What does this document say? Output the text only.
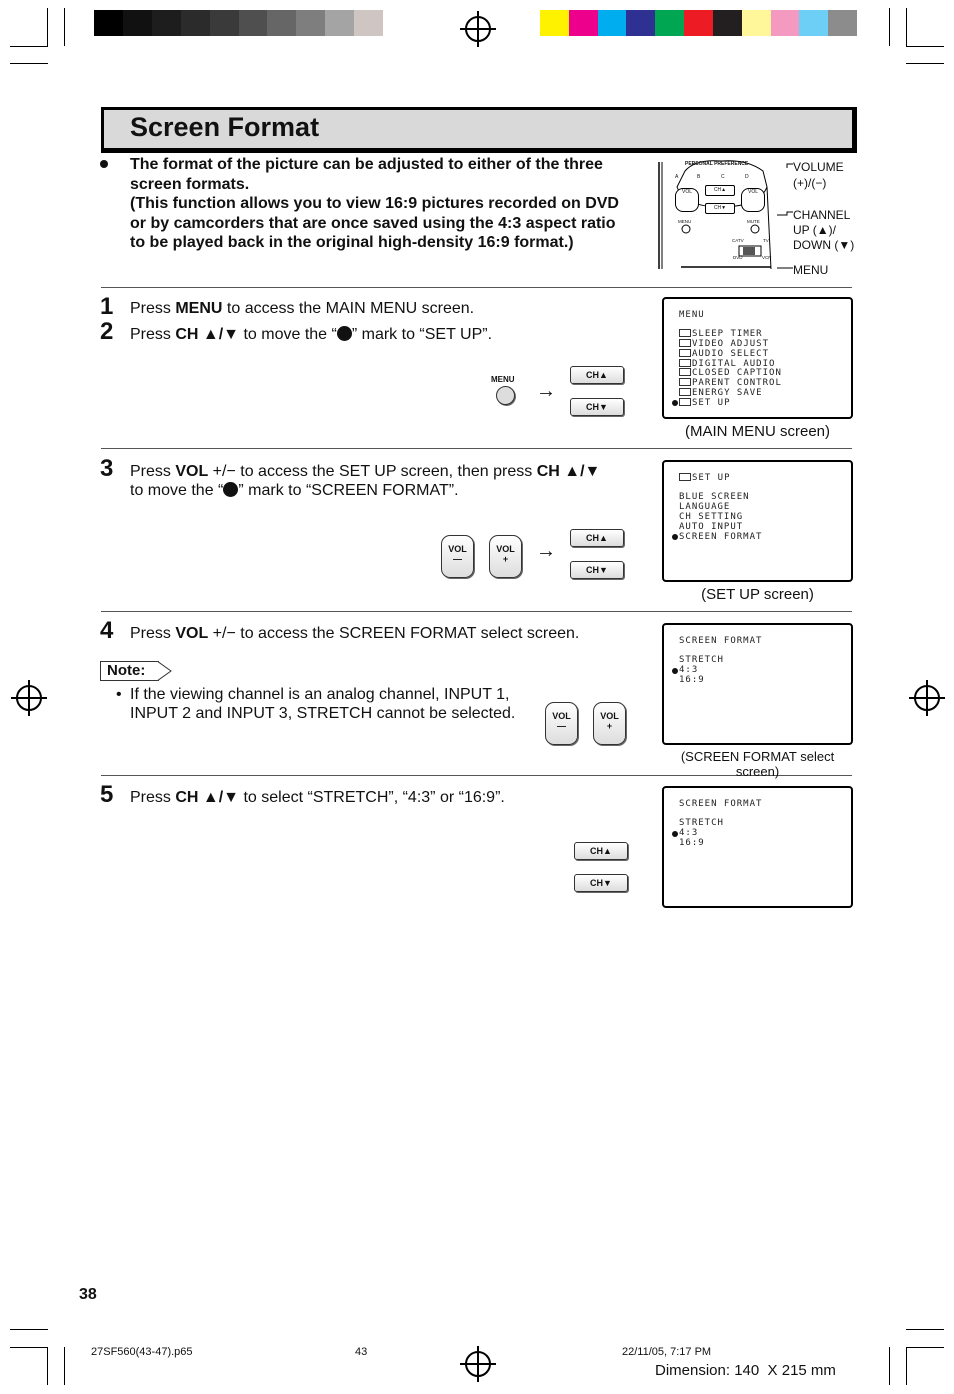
Screen Format
The format of the picture can be adjusted to either of the three screen formats.
(This function allows you to view 16:9 pictures recorded on DVD or by camcorders that are once saved using the 4:3 aspect ratio to be played back in the original high-density 16:9 format.)
PERSONAL PREFERENCE
A	B	C	D
VOL	VOL
CH▲
CH▼
MENU	MUTE
CATV	TV
DVD	VCR
VOLUME
(+)/(−)
CHANNEL
UP (▲)/
DOWN (▼)
MENU
1 Press MENU to access the MAIN MENU screen.
2 Press CH ▲/▼ to move the “ ” mark to “SET UP”.
MENU
→
CH▲
CH▼
MENU
SLEEP TIMER
VIDEO ADJUST
AUDIO SELECT
DIGITAL AUDIO
CLOSED CAPTION
PARENT CONTROL
ENERGY SAVE
SET UP
(MAIN MENU screen)
3 Press VOL +/− to access the SET UP screen, then press CH ▲/▼
to move the “ ” mark to “SCREEN FORMAT”.
VOL
—
VOL
+	→
CH▲
CH▼
SET UP
BLUE SCREEN
LANGUAGE
CH SETTING
AUTO INPUT
SCREEN FORMAT
(SET UP screen)
4 Press VOL +/− to access the SCREEN FORMAT select screen.
Note:
• If the viewing channel is an analog channel, INPUT 1, INPUT 2 and INPUT 3, STRETCH cannot be selected.	VOL
—
VOL
+
SCREEN FORMAT
STRETCH
4:3
16:9
(SCREEN FORMAT select screen)
5 Press CH ▲/▼ to select “STRETCH”, “4:3” or “16:9”.
CH▲
CH▼
SCREEN FORMAT
STRETCH
4:3
16:9
38
27SF560(43-47).p65	43	22/11/05, 7:17 PM
Dimension: 140  X 215 mm
